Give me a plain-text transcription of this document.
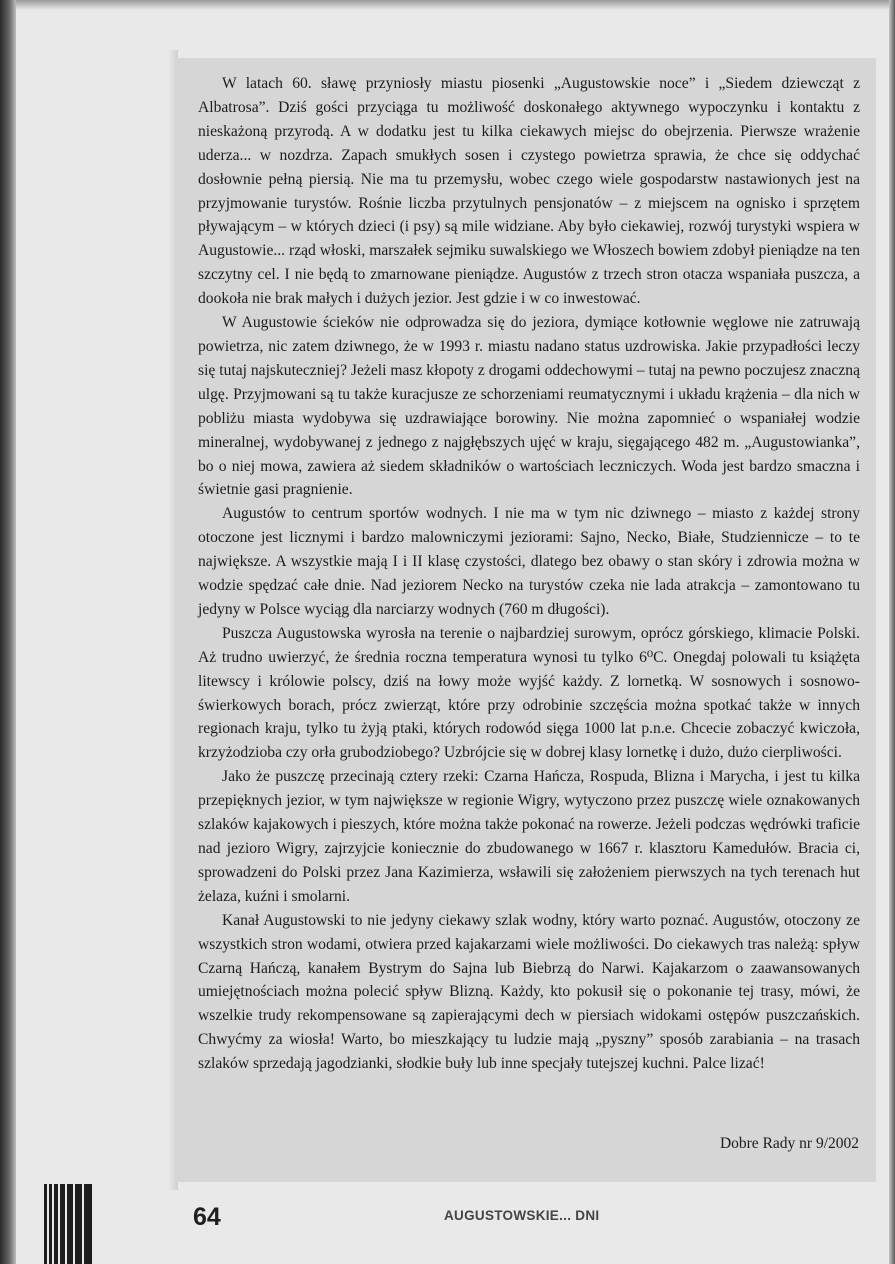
W latach 60. sławę przyniosły miastu piosenki „Augustowskie noce” i „Siedem dziewcząt z Albatrosa”. Dziś gości przyciąga tu możliwość doskonałego aktywnego wypoczynku i kontaktu z nieskażoną przyrodą. A w dodatku jest tu kilka ciekawych miejsc do obejrzenia. Pierwsze wrażenie uderza... w nozdrza. Zapach smukłych sosen i czystego powietrza sprawia, że chce się oddychać dosłownie pełną piersią. Nie ma tu przemysłu, wobec czego wiele gospodarstw nastawionych jest na przyjmowanie turystów. Rośnie liczba przytulnych pensjonatów – z miejscem na ognisko i sprzętem pływającym – w których dzieci (i psy) są mile widziane. Aby było ciekawiej, rozwój turystyki wspiera w Augustowie... rząd włoski, marszałek sejmiku suwalskiego we Włoszech bowiem zdobył pieniądze na ten szczytny cel. I nie będą to zmarnowane pieniądze. Augustów z trzech stron otacza wspaniała puszcza, a dookoła nie brak małych i dużych jezior. Jest gdzie i w co inwestować.

W Augustowie ścieków nie odprowadza się do jeziora, dymiące kotłownie węglowe nie zatruwają powietrza, nic zatem dziwnego, że w 1993 r. miastu nadano status uzdrowiska. Jakie przypadłości leczy się tutaj najskuteczniej? Jeżeli masz kłopoty z drogami oddechowymi – tutaj na pewno poczujesz znaczną ulgę. Przyjmowani są tu także kuracjusze ze schorzeniami reumatycznymi i układu krążenia – dla nich w pobliżu miasta wydobywa się uzdrawiające borowiny. Nie można zapomnieć o wspaniałej wodzie mineralnej, wydobywanej z jednego z najgłębszych ujęć w kraju, sięgającego 482 m. „Augustowianka”, bo o niej mowa, zawiera aż siedem składników o wartościach leczniczych. Woda jest bardzo smaczna i świetnie gasi pragnienie.

Augustów to centrum sportów wodnych. I nie ma w tym nic dziwnego – miasto z każdej strony otoczone jest licznymi i bardzo malowniczymi jeziorami: Sajno, Necko, Białe, Studzienniczе – to te największe. A wszystkie mają I i II klasę czystości, dlatego bez obawy o stan skóry i zdrowia można w wodzie spędzać całe dnie. Nad jeziorem Necko na turystów czeka nie lada atrakcja – zamontowano tu jedyny w Polsce wyciąg dla narciarzy wodnych (760 m długości).

Puszcza Augustowska wyrosła na terenie o najbardziej surowym, oprócz górskiego, klimacie Polski. Aż trudno uwierzyć, że średnia roczna temperatura wynosi tu tylko 6⁰C. Onegdaj polowali tu książęta litewscy i królowie polscy, dziś na łowy może wyjść każdy. Z lornetką. W sosnowych i sosnowo-świerkowych borach, prócz zwierząt, które przy odrobinie szczęścia można spotkać także w innych regionach kraju, tylko tu żyją ptaki, których rodowód sięga 1000 lat p.n.e. Chcecie zobaczyć kwiczoła, krzyżodzioba czy orła grubodziobego? Uzbrójcie się w dobrej klasy lornetkę i dużo, dużo cierpliwości.

Jako że puszczę przecinają cztery rzeki: Czarna Hańcza, Rospuda, Blizna i Marycha, i jest tu kilka przepięknych jezior, w tym największe w regionie Wigry, wytyczono przez puszczę wiele oznakowanych szlaków kajakowych i pieszych, które można także pokonać na rowerze. Jeżeli podczas wędrówki traficie nad jezioro Wigry, zajrzyjcie koniecznie do zbudowanego w 1667 r. klasztoru Kamedułów. Bracia ci, sprowadzeni do Polski przez Jana Kazimierza, wsławili się założeniem pierwszych na tych terenach hut żelaza, kuźni i smolarni.

Kanał Augustowski to nie jedyny ciekawy szlak wodny, który warto poznać. Augustów, otoczony ze wszystkich stron wodami, otwiera przed kajakarzami wiele możliwości. Do ciekawych tras należą: spływ Czarną Hańczą, kanałem Bystrym do Sajna lub Biebrzą do Narwi. Kajakarzom o zaawansowanych umiejętnościach można polecić spływ Blizną. Każdy, kto pokusił się o pokonanie tej trasy, mówi, że wszelkie trudy rekompensowane są zapierającymi dech w piersiach widokami ostępów puszczańskich. Chwyćmy za wiosła! Warto, bo mieszkający tu ludzie mają „pyszny” sposób zarabiania – na trasach szlaków sprzedają jagodzianki, słodkie buły lub inne specjały tutejszej kuchni. Palce lizać!

Dobre Rady nr 9/2002
64	AUGUSTOWSKIE... DNI
